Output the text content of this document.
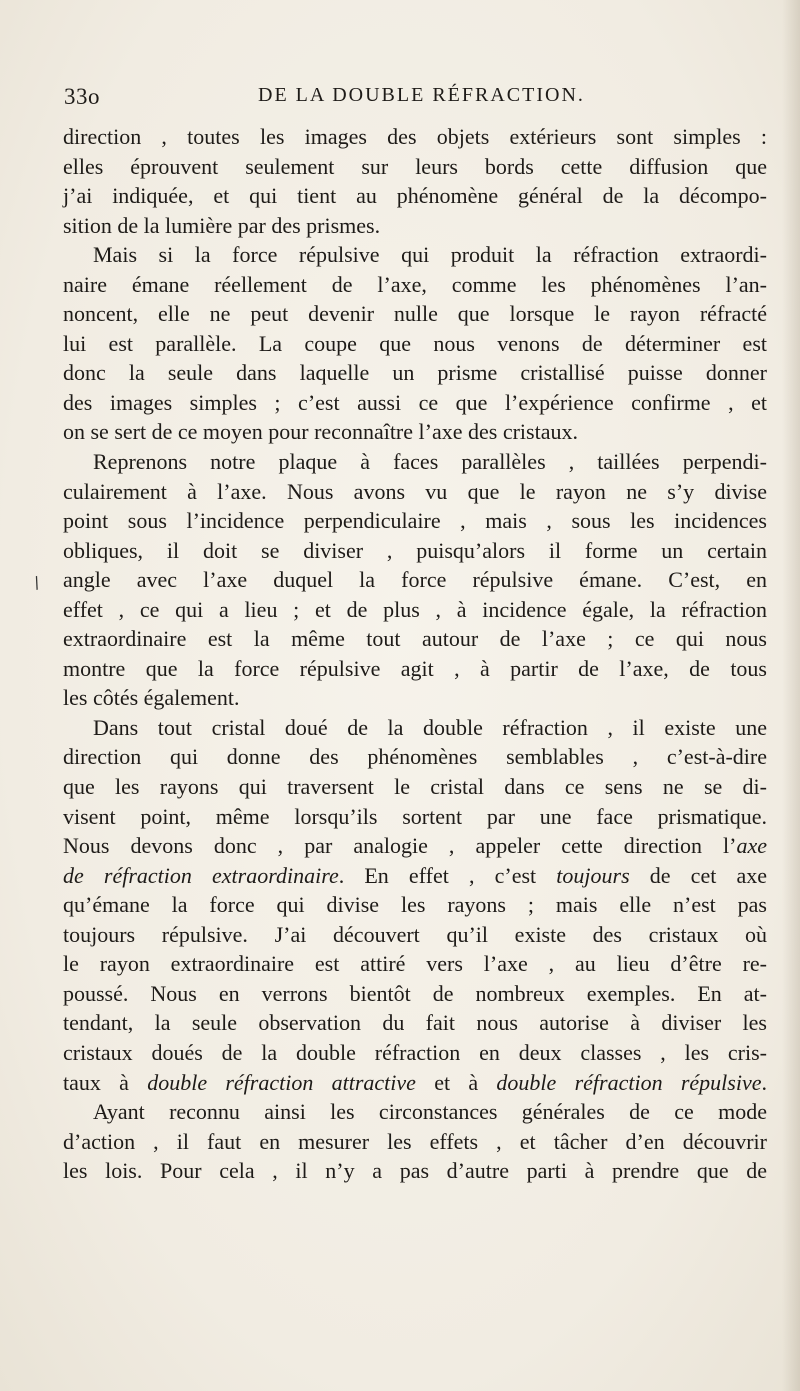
33o	DE LA DOUBLE RÉFRACTION.
/
direction , toutes les images des objets extérieurs sont simples :
elles éprouvent seulement sur leurs bords cette diffusion que
j’ai indiquée, et qui tient au phénomène général de la décompo-
sition de la lumière par des prismes.
Mais si la force répulsive qui produit la réfraction extraordi-
naire émane réellement de l’axe, comme les phénomènes l’an-
noncent, elle ne peut devenir nulle que lorsque le rayon réfracté
lui est parallèle. La coupe que nous venons de déterminer est
donc la seule dans laquelle un prisme cristallisé puisse donner
des images simples ; c’est aussi ce que l’expérience confirme , et
on se sert de ce moyen pour reconnaître l’axe des cristaux.
Reprenons notre plaque à faces parallèles , taillées perpendi-
culairement à l’axe. Nous avons vu que le rayon ne s’y divise
point sous l’incidence perpendiculaire , mais , sous les incidences
obliques, il doit se diviser , puisqu’alors il forme un certain
angle avec l’axe duquel la force répulsive émane. C’est, en
effet , ce qui a lieu ; et de plus , à incidence égale, la réfraction
extraordinaire est la même tout autour de l’axe ; ce qui nous
montre que la force répulsive agit , à partir de l’axe, de tous
les côtés également.
Dans tout cristal doué de la double réfraction , il existe une
direction qui donne des phénomènes semblables , c’est-à-dire
que les rayons qui traversent le cristal dans ce sens ne se di-
visent point, même lorsqu’ils sortent par une face prismatique.
Nous devons donc , par analogie , appeler cette direction l’axe
de réfraction extraordinaire. En effet , c’est toujours de cet axe
qu’émane la force qui divise les rayons ; mais elle n’est pas
toujours répulsive. J’ai découvert qu’il existe des cristaux où
le rayon extraordinaire est attiré vers l’axe , au lieu d’être re-
poussé. Nous en verrons bientôt de nombreux exemples. En at-
tendant, la seule observation du fait nous autorise à diviser les
cristaux doués de la double réfraction en deux classes , les cris-
taux à double réfraction attractive et à double réfraction répulsive.
Ayant reconnu ainsi les circonstances générales de ce mode
d’action , il faut en mesurer les effets , et tâcher d’en découvrir
les lois. Pour cela , il n’y a pas d’autre parti à prendre que de
